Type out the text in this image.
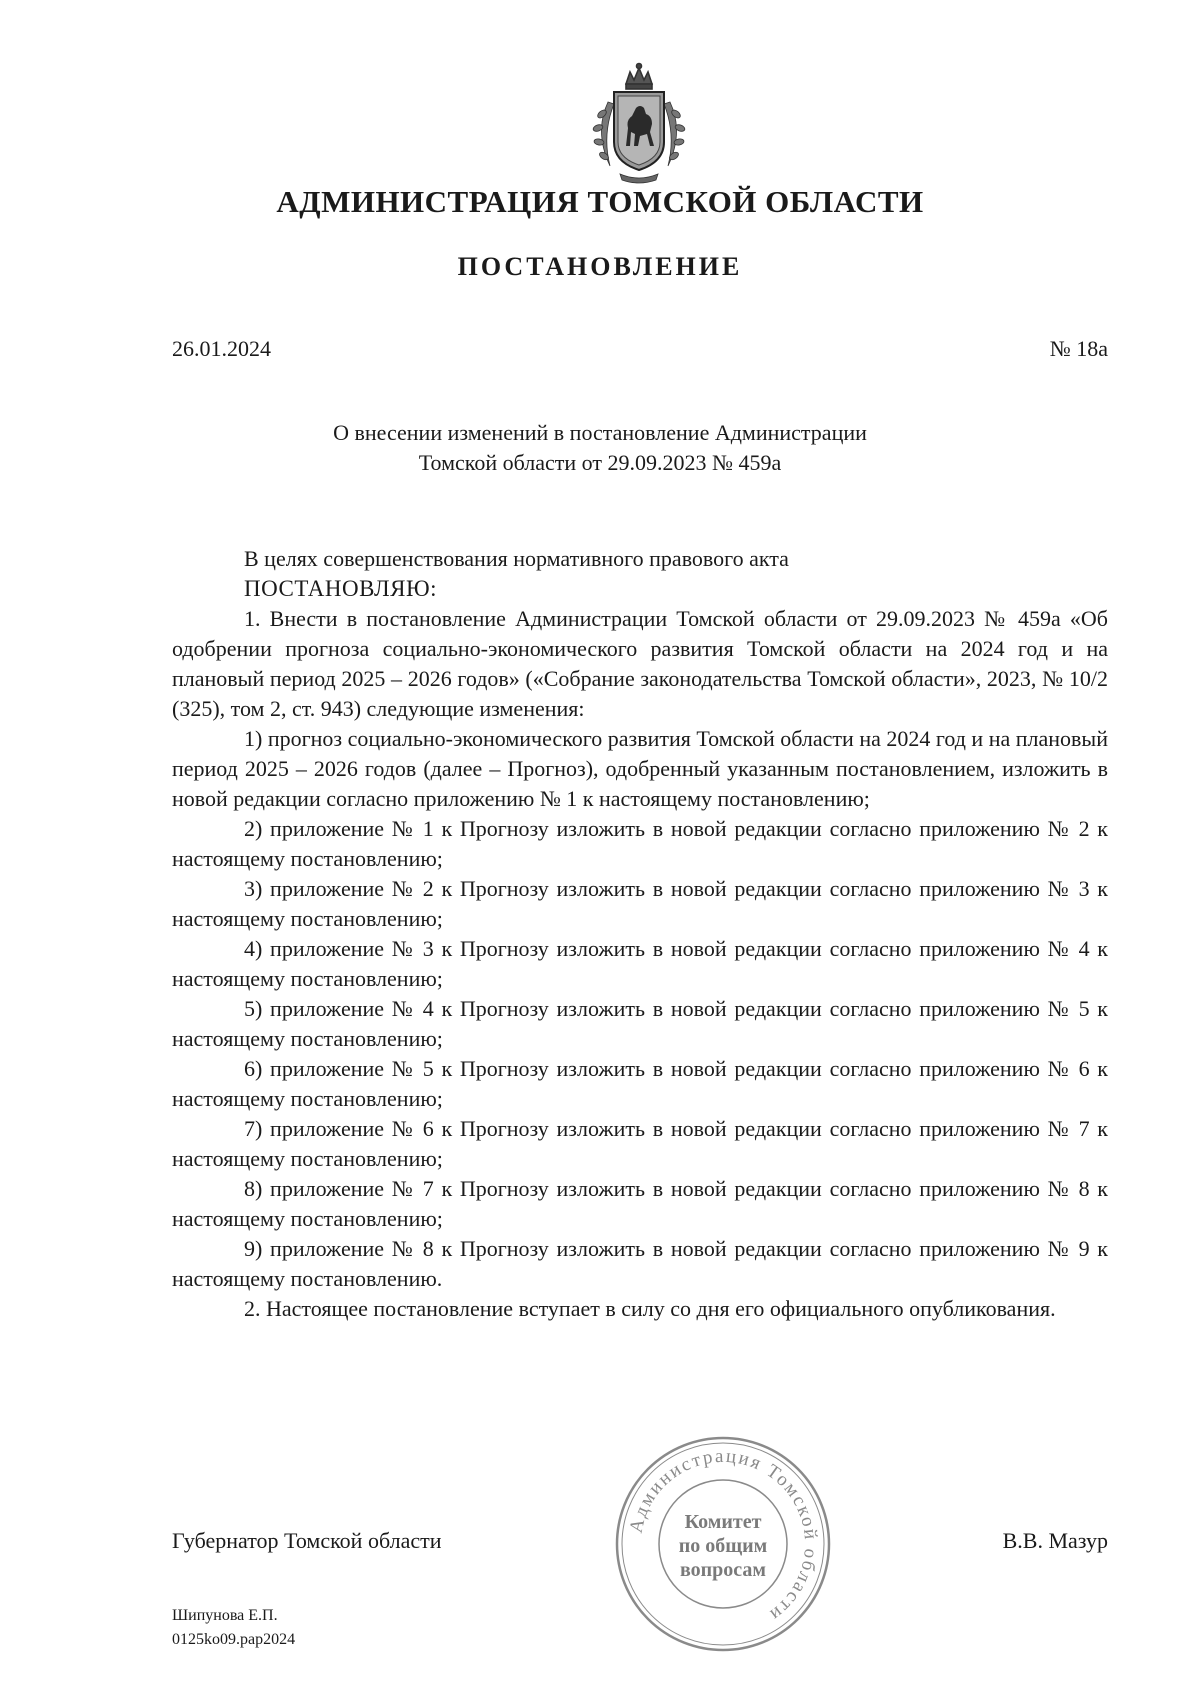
АДМИНИСТРАЦИЯ ТОМСКОЙ ОБЛАСТИ
ПОСТАНОВЛЕНИЕ
26.01.2024	№ 18а
О внесении изменений в постановление Администрации
Томской области от 29.09.2023 № 459а

В целях совершенствования нормативного правового акта

ПОСТАНОВЛЯЮ:

1. Внести в постановление Администрации Томской области от 29.09.2023 № 459а «Об одобрении прогноза социально-экономического развития Томской области на 2024 год и на плановый период 2025 – 2026 годов» («Собрание законодательства Томской области», 2023, № 10/2 (325), том 2, ст. 943) следующие изменения:

1) прогноз социально-экономического развития Томской области на 2024 год и на плановый период 2025 – 2026 годов (далее – Прогноз), одобренный указанным постановлением, изложить в новой редакции согласно приложению № 1 к настоящему постановлению;

2) приложение № 1 к Прогнозу изложить в новой редакции согласно приложению № 2 к настоящему постановлению;

3) приложение № 2 к Прогнозу изложить в новой редакции согласно приложению № 3 к настоящему постановлению;

4) приложение № 3 к Прогнозу изложить в новой редакции согласно приложению № 4 к настоящему постановлению;

5) приложение № 4 к Прогнозу изложить в новой редакции согласно приложению № 5 к настоящему постановлению;

6) приложение № 5 к Прогнозу изложить в новой редакции согласно приложению № 6 к настоящему постановлению;

7) приложение № 6 к Прогнозу изложить в новой редакции согласно приложению № 7 к настоящему постановлению;

8) приложение № 7 к Прогнозу изложить в новой редакции согласно приложению № 8 к настоящему постановлению;

9) приложение № 8 к Прогнозу изложить в новой редакции согласно приложению № 9 к настоящему постановлению.

2. Настоящее постановление вступает в силу со дня его официального опубликования.

Администрация Томской области
Комитет
по общим
вопросам
Губернатор Томской области	В.В. Мазур
Шипунова Е.П.
0125ko09.pap2024
